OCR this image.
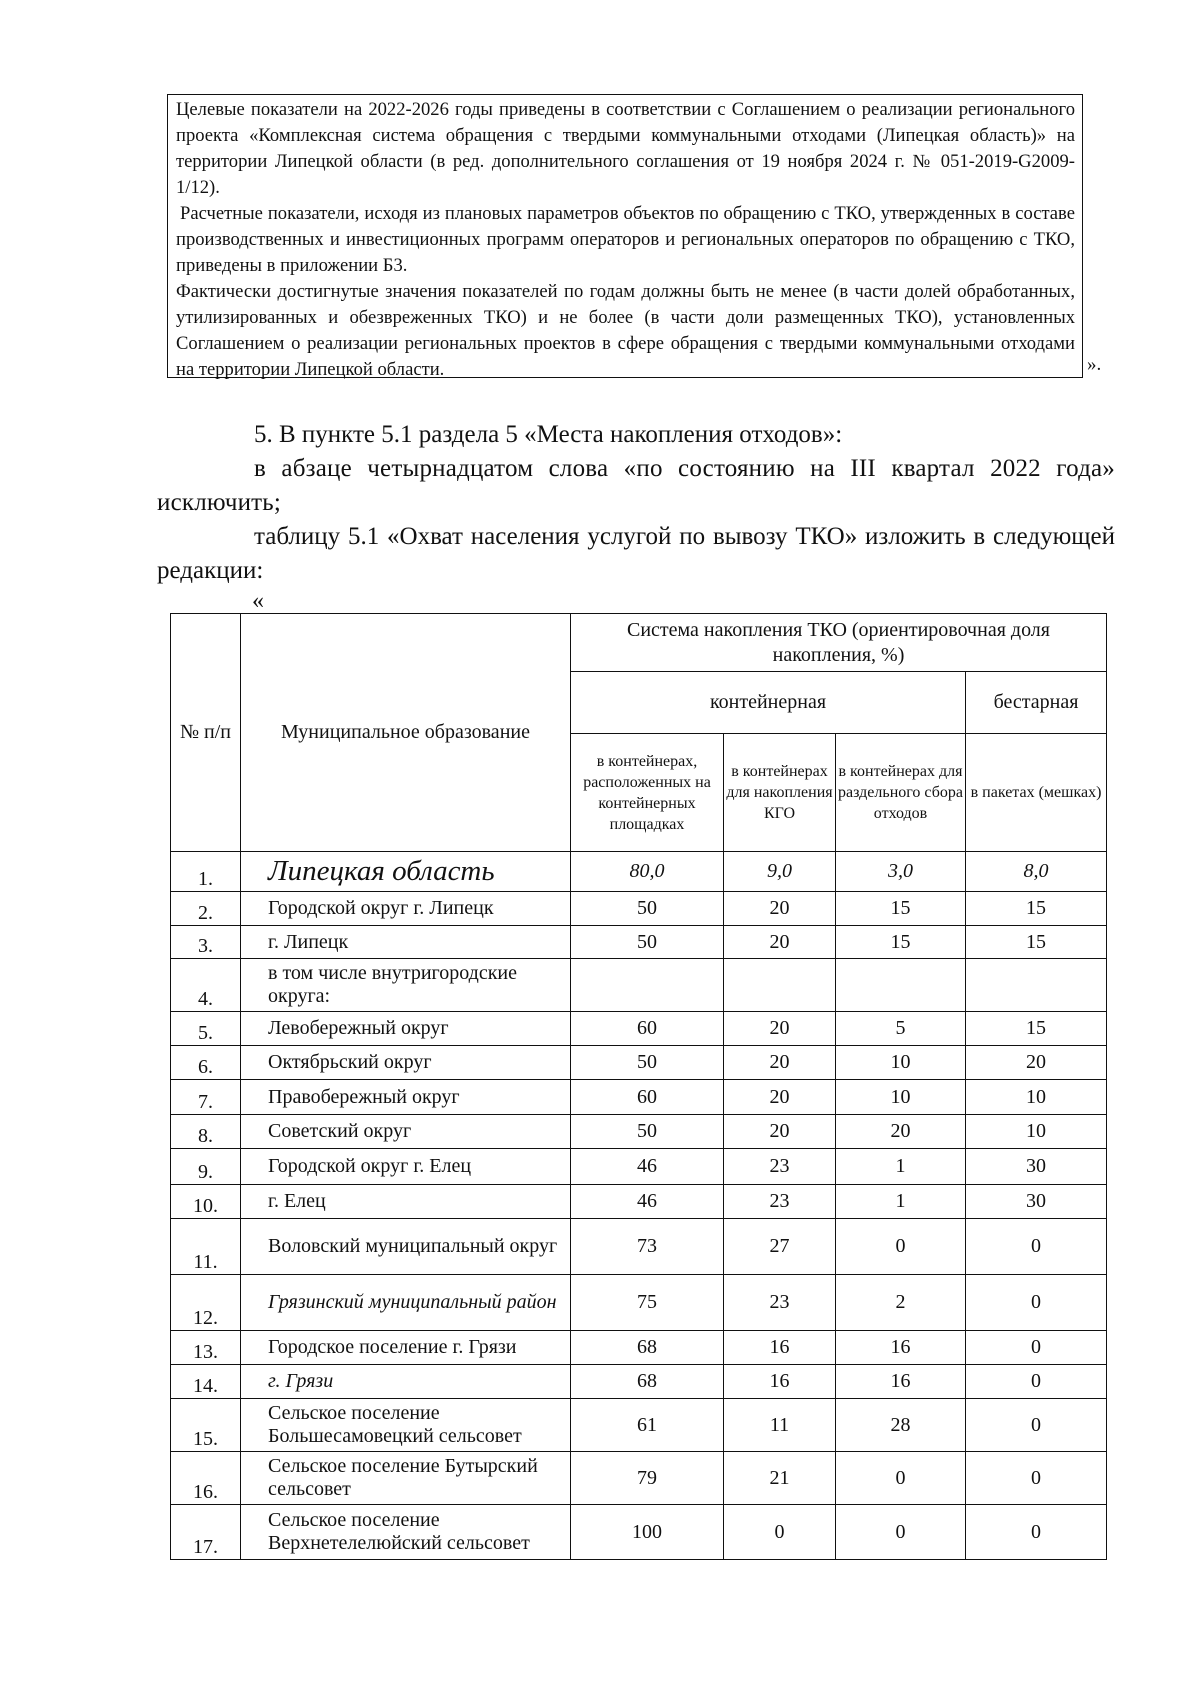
Целевые показатели на 2022-2026 годы приведены в соответствии с Соглашением о реализации регионального проекта «Комплексная система обращения с твердыми коммунальными отходами (Липецкая область)» на территории Липецкой области (в ред. дополнительного соглашения от 19 ноября 2024 г. № 051-2019-G2009-1/12).

Расчетные показатели, исходя из плановых параметров объектов по обращению с ТКО, утвержденных в составе производственных и инвестиционных программ операторов и региональных операторов по обращению с ТКО, приведены в приложении Б3.

Фактически достигнутые значения показателей по годам должны быть не менее (в части долей обработанных, утилизированных и обезвреженных ТКО) и не более (в части доли размещенных ТКО), установленных Соглашением о реализации региональных проектов в сфере обращения с твердыми коммунальными отходами на территории Липецкой области.	».
5. В пункте 5.1 раздела 5 «Места накопления отходов»:
в абзаце четырнадцатом слова «по состоянию на III квартал 2022 года» исключить;
таблицу 5.1 «Охват населения услугой по вывозу ТКО» изложить в следующей редакции:
«
№ п/п	Муниципальное образование	Система накопления ТКО (ориентировочная доля накопления, %)			
		контейнерная			бестарная
		в контейнерах, расположенных на контейнерных площадках	в контейнерах для накопления КГО	в контейнерах для раздельного сбора отходов	в пакетах (мешках)
1.	Липецкая область	80,0	9,0	3,0	8,0
2.	Городской округ г. Липецк	50	20	15	15
3.	г. Липецк	50	20	15	15
4.	в том числе внутригородские округа:				
5.	Левобережный округ	60	20	5	15
6.	Октябрьский округ	50	20	10	20
7.	Правобережный округ	60	20	10	10
8.	Советский округ	50	20	20	10
9.	Городской округ г. Елец	46	23	1	30
10.	г. Елец	46	23	1	30
11.	Воловский муниципальный округ	73	27	0	0
12.	Грязинский муниципальный район	75	23	2	0
13.	Городское поселение г. Грязи	68	16	16	0
14.	г. Грязи	68	16	16	0
15.	Сельское поселение Большесамовецкий сельсовет	61	11	28	0
16.	Сельское поселение Бутырский сельсовет	79	21	0	0
17.	Сельское поселение Верхнетелелюйский сельсовет	100	0	0	0
